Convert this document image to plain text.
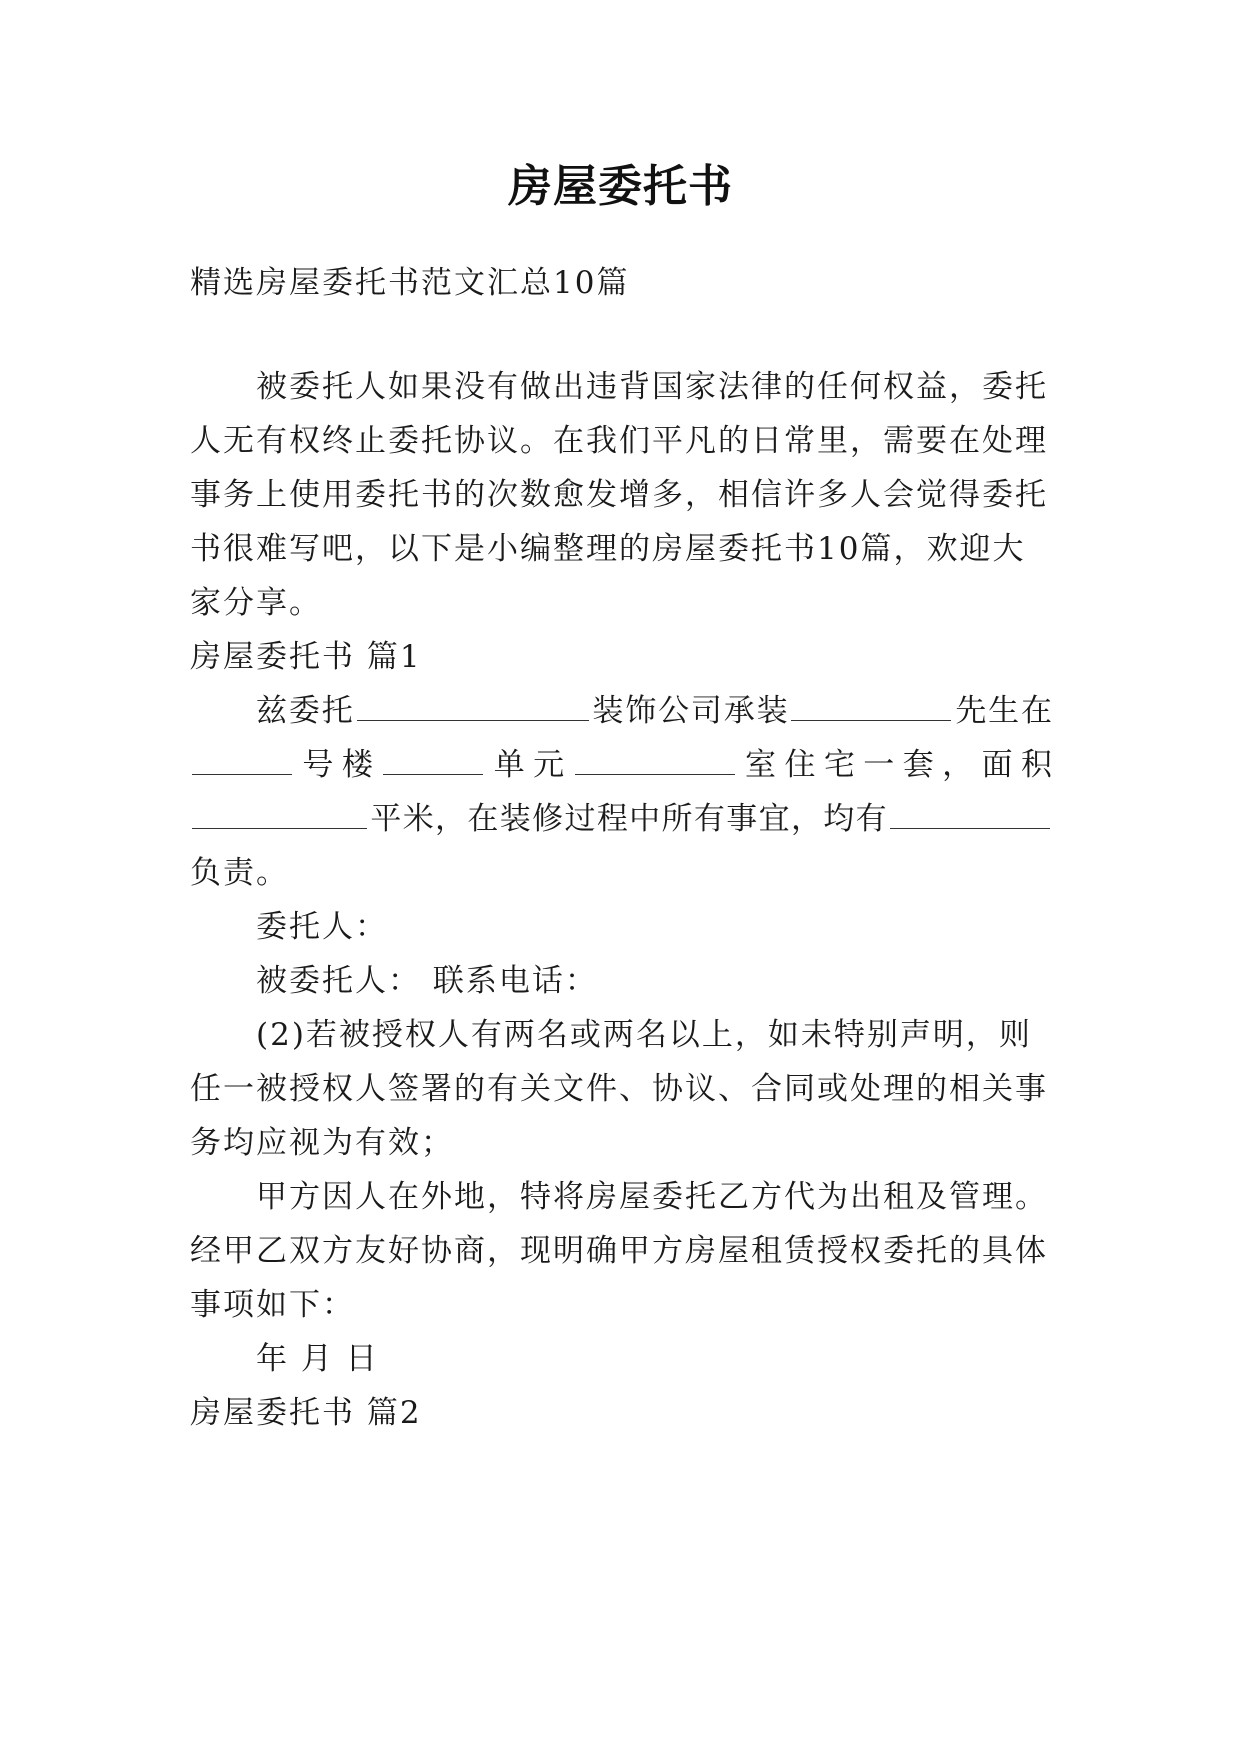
房屋委托书
精选房屋委托书范文汇总10篇
被委托人如果没有做出违背国家法律的任何权益，委托
人无有权终止委托协议。在我们平凡的日常里，需要在处理
事务上使用委托书的次数愈发增多，相信许多人会觉得委托
书很难写吧，以下是小编整理的房屋委托书10篇，欢迎大
家分享。
房屋委托书 篇1
兹委托	装饰公司承装	先生在
号楼	单元	室住宅一套，面积
平米，在装修过程中所有事宜，均有
负责。
委托人：
被委托人： 联系电话：
(2)若被授权人有两名或两名以上，如未特别声明，则
任一被授权人签署的有关文件、协议、合同或处理的相关事
务均应视为有效；
甲方因人在外地，特将房屋委托乙方代为出租及管理。
经甲乙双方友好协商，现明确甲方房屋租赁授权委托的具体
事项如下：
年 月 日
房屋委托书 篇2
